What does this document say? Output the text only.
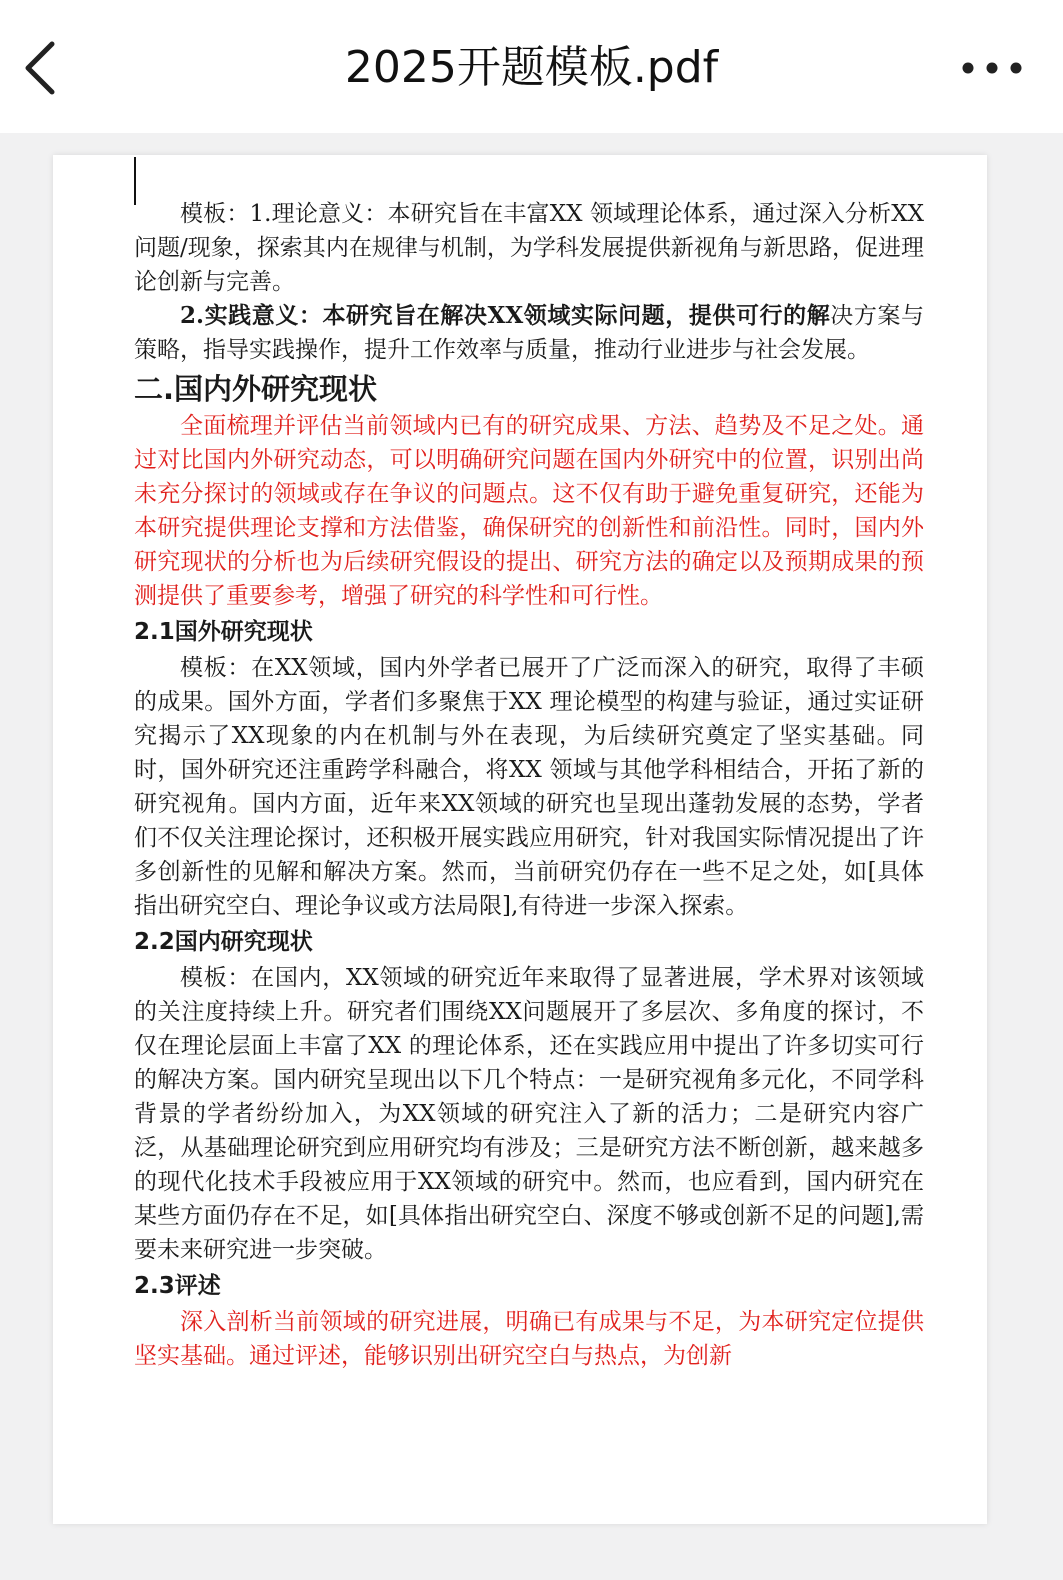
2025开题模板.pdf

模板：1.理论意义：本研究旨在丰富XX 领域理论体系，通过深入分析XX问题/现象，探索其内在规律与机制，为学科发展提供新视角与新思路，促进理论创新与完善。

2.实践意义：本研究旨在解决XX领域实际问题，提供可行的解决方案与策略，指导实践操作，提升工作效率与质量，推动行业进步与社会发展。

二.国内外研究现状

全面梳理并评估当前领域内已有的研究成果、方法、趋势及不足之处。通过对比国内外研究动态，可以明确研究问题在国内外研究中的位置，识别出尚未充分探讨的领域或存在争议的问题点。这不仅有助于避免重复研究，还能为本研究提供理论支撑和方法借鉴，确保研究的创新性和前沿性。同时，国内外研究现状的分析也为后续研究假设的提出、研究方法的确定以及预期成果的预测提供了重要参考，增强了研究的科学性和可行性。

2.1国外研究现状

模板：在XX领域，国内外学者已展开了广泛而深入的研究，取得了丰硕的成果。国外方面，学者们多聚焦于XX 理论模型的构建与验证，通过实证研究揭示了XX现象的内在机制与外在表现，为后续研究奠定了坚实基础。同时，国外研究还注重跨学科融合，将XX 领域与其他学科相结合，开拓了新的研究视角。国内方面，近年来XX领域的研究也呈现出蓬勃发展的态势，学者们不仅关注理论探讨，还积极开展实践应用研究，针对我国实际情况提出了许多创新性的见解和解决方案。然而，当前研究仍存在一些不足之处，如[具体指出研究空白、理论争议或方法局限],有待进一步深入探索。

2.2国内研究现状

模板：在国内，XX领域的研究近年来取得了显著进展，学术界对该领域的关注度持续上升。研究者们围绕XX问题展开了多层次、多角度的探讨，不仅在理论层面上丰富了XX 的理论体系，还在实践应用中提出了许多切实可行的解决方案。国内研究呈现出以下几个特点：一是研究视角多元化，不同学科背景的学者纷纷加入，为XX领域的研究注入了新的活力；二是研究内容广泛，从基础理论研究到应用研究均有涉及；三是研究方法不断创新，越来越多的现代化技术手段被应用于XX领域的研究中。然而，也应看到，国内研究在某些方面仍存在不足，如[具体指出研究空白、深度不够或创新不足的问题],需要未来研究进一步突破。

2.3评述

深入剖析当前领域的研究进展，明确已有成果与不足，为本研究定位提供坚实基础。通过评述，能够识别出研究空白与热点，为创新
